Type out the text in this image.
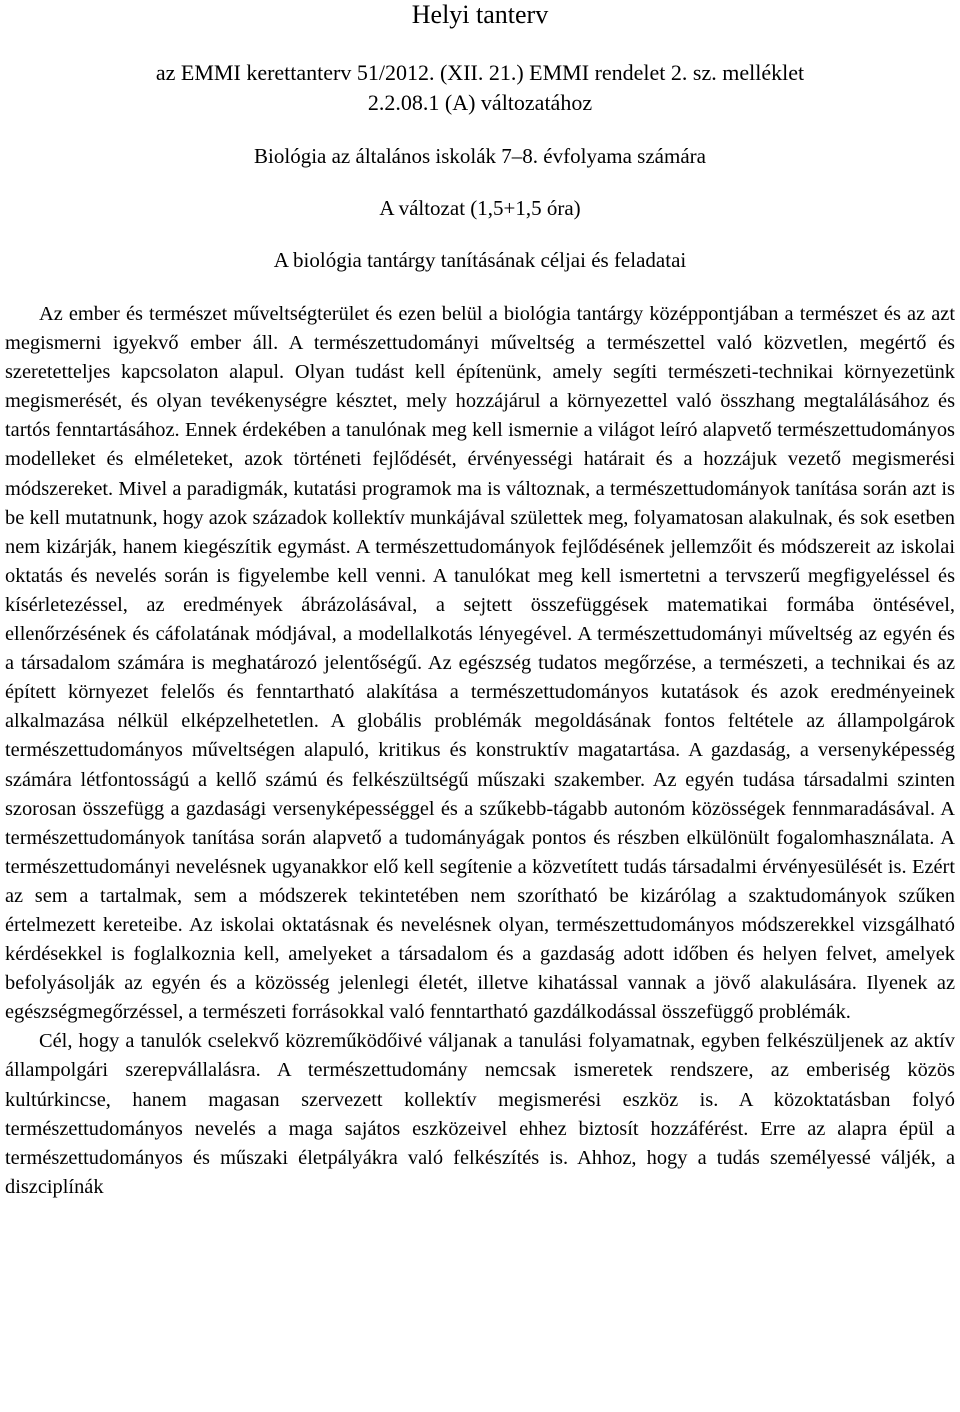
Helyi tanterv

az EMMI kerettanterv 51/2012. (XII. 21.) EMMI rendelet 2. sz. melléklet

2.2.08.1 (A) változatához

Biológia az általános iskolák 7–8. évfolyama számára

A változat (1,5+1,5 óra)

A biológia tantárgy tanításának céljai és feladatai

Az ember és természet műveltségterület és ezen belül a biológia tantárgy középpontjában a természet és az azt megismerni igyekvő ember áll. A természettudományi műveltség a természettel való közvetlen, megértő és szeretetteljes kapcsolaton alapul. Olyan tudást kell építenünk, amely segíti természeti-technikai környezetünk megismerését, és olyan tevékenységre késztet, mely hozzájárul a környezettel való összhang megtalálásához és tartós fenntartásához. Ennek érdekében a tanulónak meg kell ismernie a világot leíró alapvető természettudományos modelleket és elméleteket, azok történeti fejlődését, érvényességi határait és a hozzájuk vezető megismerési módszereket. Mivel a paradigmák, kutatási programok ma is változnak, a természettudományok tanítása során azt is be kell mutatnunk, hogy azok századok kollektív munkájával születtek meg, folyamatosan alakulnak, és sok esetben nem kizárják, hanem kiegészítik egymást. A természettudományok fejlődésének jellemzőit és módszereit az iskolai oktatás és nevelés során is figyelembe kell venni. A tanulókat meg kell ismertetni a tervszerű megfigyeléssel és kísérletezéssel, az eredmények ábrázolásával, a sejtett összefüggések matematikai formába öntésével, ellenőrzésének és cáfolatának módjával, a modellalkotás lényegével. A természettudományi műveltség az egyén és a társadalom számára is meghatározó jelentőségű. Az egészség tudatos megőrzése, a természeti, a technikai és az épített környezet felelős és fenntartható alakítása a természettudományos kutatások és azok eredményeinek alkalmazása nélkül elképzelhetetlen. A globális problémák megoldásának fontos feltétele az állampolgárok természettudományos műveltségen alapuló, kritikus és konstruktív magatartása. A gazdaság, a versenyképesség számára létfontosságú a kellő számú és felkészültségű műszaki szakember. Az egyén tudása társadalmi szinten szorosan összefügg a gazdasági versenyképességgel és a szűkebb-tágabb autonóm közösségek fennmaradásával. A természettudományok tanítása során alapvető a tudományágak pontos és részben elkülönült fogalomhasználata. A természettudományi nevelésnek ugyanakkor elő kell segítenie a közvetített tudás társadalmi érvényesülését is. Ezért az sem a tartalmak, sem a módszerek tekintetében nem szorítható be kizárólag a szaktudományok szűken értelmezett kereteibe. Az iskolai oktatásnak és nevelésnek olyan, természettudományos módszerekkel vizsgálható kérdésekkel is foglalkoznia kell, amelyeket a társadalom és a gazdaság adott időben és helyen felvet, amelyek befolyásolják az egyén és a közösség jelenlegi életét, illetve kihatással vannak a jövő alakulására. Ilyenek az egészségmegőrzéssel, a természeti forrásokkal való fenntartható gazdálkodással összefüggő problémák.

Cél, hogy a tanulók cselekvő közreműködőivé váljanak a tanulási folyamatnak, egyben felkészüljenek az aktív állampolgári szerepvállalásra. A természettudomány nemcsak ismeretek rendszere, az emberiség közös kultúrkincse, hanem magasan szervezett kollektív megismerési eszköz is. A közoktatásban folyó természettudományos nevelés a maga sajátos eszközeivel ehhez biztosít hozzáférést. Erre az alapra épül a természettudományos és műszaki életpályákra való felkészítés is. Ahhoz, hogy a tudás személyessé váljék, a diszciplínák
